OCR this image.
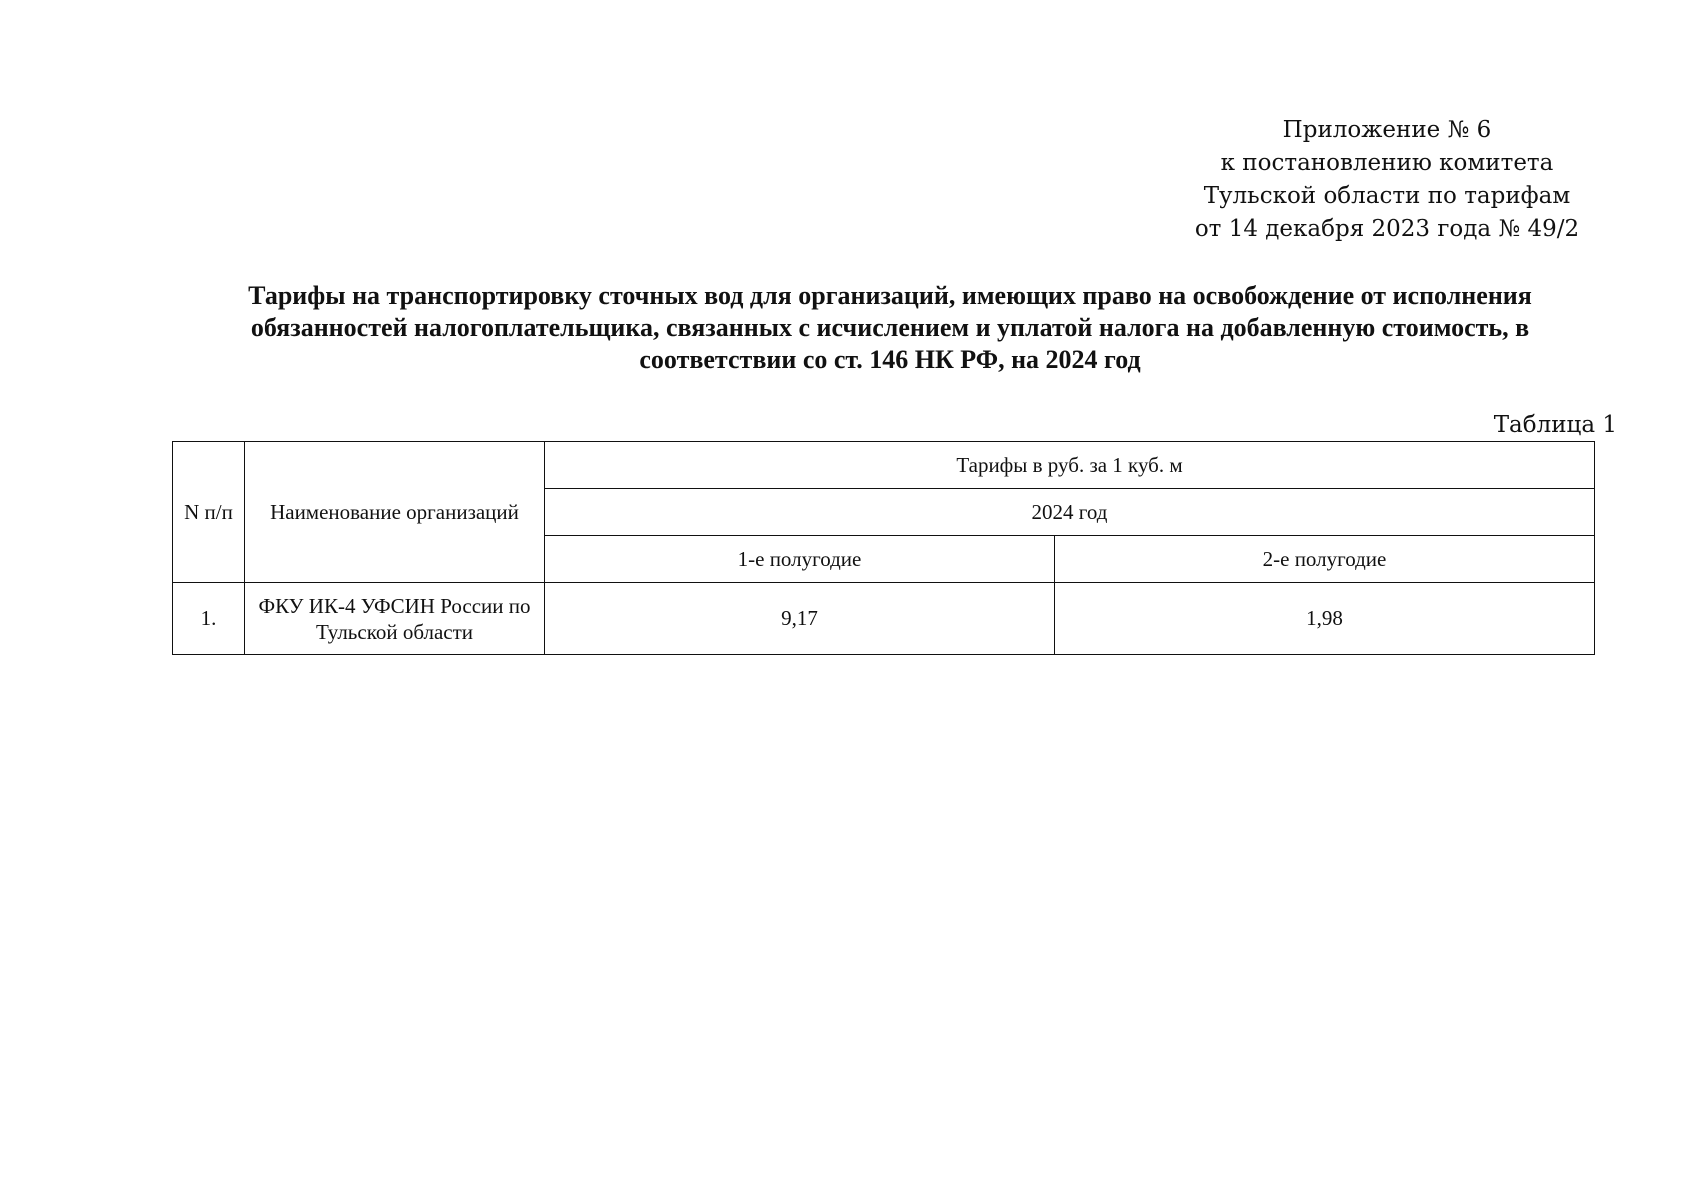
Приложение № 6
к постановлению комитета
Тульской области по тарифам
от 14 декабря 2023 года № 49/2
Тарифы на транспортировку сточных вод для организаций, имеющих право на освобождение от исполнения обязанностей налогоплательщика, связанных с исчислением и уплатой налога на добавленную стоимость, в соответствии со ст. 146 НК РФ, на 2024 год
Таблица 1
N п/п	Наименование организаций	Тарифы в руб. за 1 куб. м	
		2024 год	
		1-е полугодие	2-е полугодие
1.	ФКУ ИК-4 УФСИН России по Тульской области	9,17	1,98
